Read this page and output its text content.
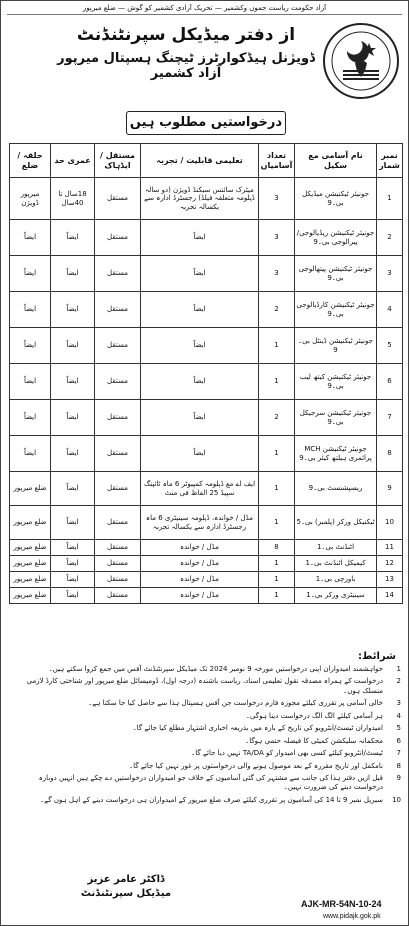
آزاد حکومت ریاست جموں وکشمیر — تحریک آزادی کشمیر کو گوش — ضلع میرپور
از دفتر میڈیکل سپرنٹنڈنٹ
ڈویژنل ہیڈکوارٹرز ٹیچنگ ہسپتال میرپور آزاد کشمیر
درخواستیں مطلوب ہیں
نمبر شمار	نام آسامی مع سکیل	تعداد آسامیاں	تعلیمی قابلیت / تجربہ	مستقل / ایڈہاک	عمری حد	حلقہ / ضلع
1	جونیئر ٹیکنیشن میڈیکل بی۔9	3	میٹرک سائنس سیکنڈ ڈویژن (دو سالہ ڈپلومہ متعلقہ فیلڈ) رجسٹرڈ ادارہ سے یکسالہ تجربہ	مستقل	18سال تا 40سال	میرپور ڈویژن
2	جونیئر ٹیکنیشن ریڈیالوجی/ پیرالوجی بی۔9	3	ایضاً	مستقل	ایضاً	ایضاً
3	جونیئر ٹیکنیشن پیتھالوجی بی۔9	3	ایضاً	مستقل	ایضاً	ایضاً
4	جونیئر ٹیکنیشن کارڈیالوجی بی۔9	2	ایضاً	مستقل	ایضاً	ایضاً
5	جونیئر ٹیکنیشن ڈینٹل بی۔9	1	ایضاً	مستقل	ایضاً	ایضاً
6	جونیئر ٹیکنیشن کیتھ لیب بی۔9	1	ایضاً	مستقل	ایضاً	ایضاً
7	جونیئر ٹیکنیشن سرجیکل بی۔9	2	ایضاً	مستقل	ایضاً	ایضاً
8	جونیئر ٹیکنیشن MCH پرائمری ہیلتھ کیئر بی۔9	1	ایضاً	مستقل	ایضاً	ایضاً
9	ریسپشنسٹ بی۔9	1	ایف اے مع ڈپلومہ کمپیوٹر 6 ماہ ٹائپنگ سپیڈ 25 الفاظ فی منٹ	مستقل	ایضاً	ضلع میرپور
10	ٹیکنیکل ورکر (پلمبر) بی۔5	1	مڈل / خواندہ، ڈپلومہ سینیٹری 6 ماہ رجسٹرڈ ادارہ سے یکسالہ تجربہ	مستقل	ایضاً	ضلع میرپور
11	اٹنڈنٹ بی۔1	8	مڈل / خواندہ	مستقل	ایضاً	ضلع میرپور
12	کیمیکل اٹنڈنٹ بی۔1	1	مڈل / خواندہ	مستقل	ایضاً	ضلع میرپور
13	باورچی بی۔1	1	مڈل / خواندہ	مستقل	ایضاً	ضلع میرپور
14	سینیٹری ورکر بی۔1	1	مڈل / خواندہ	مستقل	ایضاً	ضلع میرپور
شرائط:
1
خواہشمند امیدواران اپنی درخواستیں مورخہ 9 نومبر 2024 تک میڈیکل سپرنٹنڈنٹ آفس میں جمع کروا سکتے ہیں۔
2
درخواست کے ہمراہ مصدقہ نقول تعلیمی اسناد، ریاست باشندہ (درجہ اول)، ڈومیسائل ضلع میرپور اور شناختی کارڈ لازمی منسلک ہوں۔
3
خالی آسامی پر تقرری کیلئے مجوزہ فارم درخواست جن آفس ہسپتال ہذا سے حاصل کیا جا سکتا ہے۔
4
ہر آسامی کیلئے الگ الگ درخواست دینا ہوگی۔
5
امیدواران ٹیسٹ/انٹرویو کی تاریخ کے بارہ میں بذریعہ اخباری اشتہار مطلع کیا جائے گا۔
6
محکمانہ سلیکشن کمیٹی کا فیصلہ حتمی ہوگا۔
7
ٹیسٹ/انٹرویو کیلئے کسی بھی امیدوار کو TA/DA نہیں دیا جائے گا۔
8
نامکمل اور تاریخ مقررہ کے بعد موصول ہونے والی درخواستوں پر غور نہیں کیا جائے گا۔
9
قبل ازیں دفتر ہذا کی جانب سے مشتہر کی گئی آسامیوں کے خلاف جو امیدواران درخواستیں دے چکے ہیں انہیں دوبارہ درخواست دینے کی ضرورت نہیں۔
10
سیریل نمبر 9 تا 14 کی آسامیوں پر تقرری کیلئے صرف ضلع میرپور کے امیدواران ہی درخواست دینے کے اہل ہوں گے۔
ڈاکٹر عامر عزیز
میڈیکل سپرنٹنڈنٹ
AJK-MR-54N-10-24
www.pidajk.gok.pk
